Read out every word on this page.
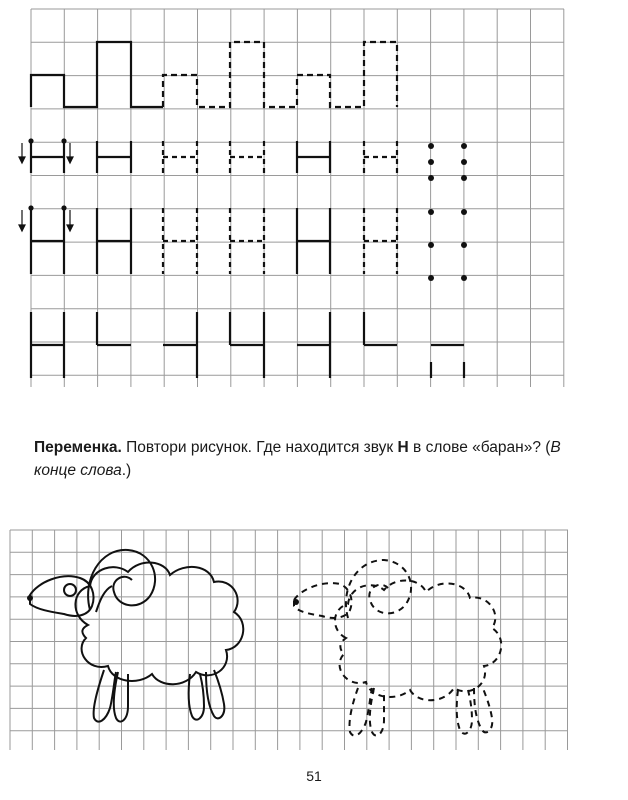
Переменка. Повтори рисунок. Где находится звук Н в слове «баран»? (В конце слова.)
51
